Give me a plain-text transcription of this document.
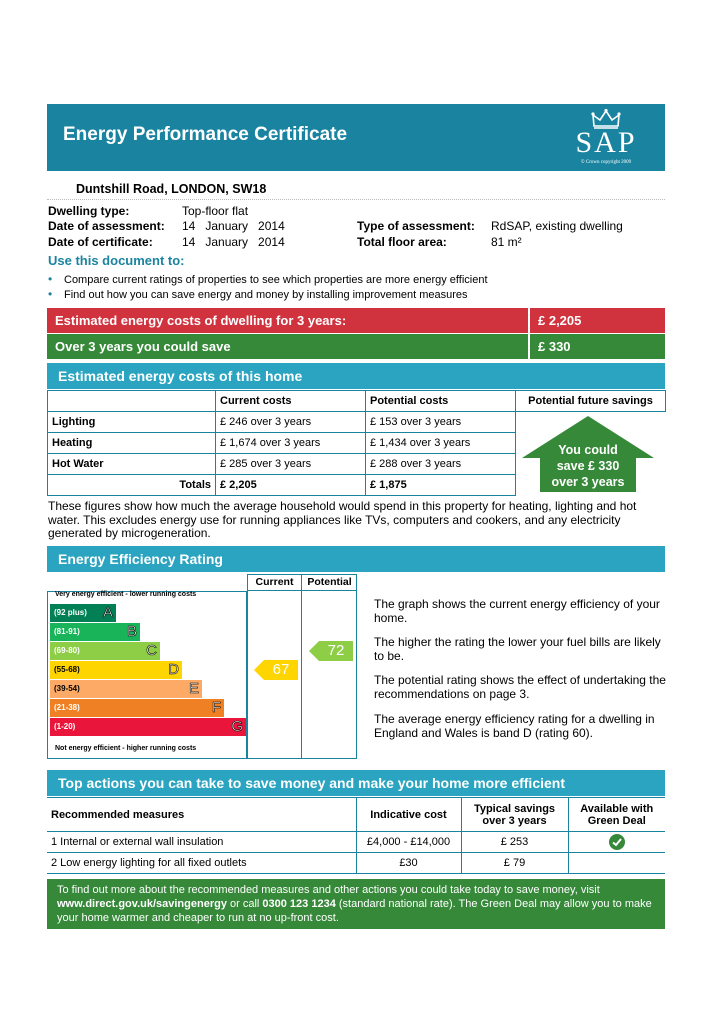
Energy Performance Certificate	SAP
© Crown copyright 2009
Duntshill Road, LONDON, SW18
Dwelling type:	Top-floor flat
Date of assessment: 14   January   2014
Date of certificate: 14   January   2014
Type of assessment: RdSAP, existing dwelling
Total floor area:	81 m²
Use this document to:
• Compare current ratings of properties to see which properties are more energy efficient
• Find out how you can save energy and money by installing improvement measures
Estimated energy costs of dwelling for 3 years:	£ 2,205
Over 3 years you could save	£ 330
Estimated energy costs of this home
	Current costs	Potential costs	Potential future savings
Lighting	£ 246 over 3 years	£ 153 over 3 years	
Heating	£ 1,674 over 3 years	£ 1,434 over 3 years	
Hot Water	£ 285 over 3 years	£ 288 over 3 years	
Totals	£ 2,205	£ 1,875	
You could
save £ 330
over 3 years
These figures show how much the average household would spend in this property for heating, lighting and hot water. This excludes energy use for running appliances like TVs, computers and cookers, and any electricity generated by microgeneration.
Energy Efficiency Rating
Current	Potential
Very energy efficient - lower running costs
Not energy efficient - higher running costs
(92 plus) A
(81-91)	B
(69-80)	C
(55-68)	D
(39-54)	E
(21-38)	F
(1-20)	G
67
72
The graph shows the current energy efficiency of your home.
The higher the rating the lower your fuel bills are likely to be.
The potential rating shows the effect of undertaking the recommendations on page 3.
The average energy efficiency rating for a dwelling in England and Wales is band D (rating 60).
Top actions you can take to save money and make your home more efficient
Recommended measures	Indicative cost	Typical savings over 3 years	Available with Green Deal
1 Internal or external wall insulation	£4,000 - £14,000	£ 253	
2 Low energy lighting for all fixed outlets	£30	£ 79	
To find out more about the recommended measures and other actions you could take today to save money, visit www.direct.gov.uk/savingenergy or call 0300 123 1234 (standard national rate). The Green Deal may allow you to make your home warmer and cheaper to run at no up-front cost.
